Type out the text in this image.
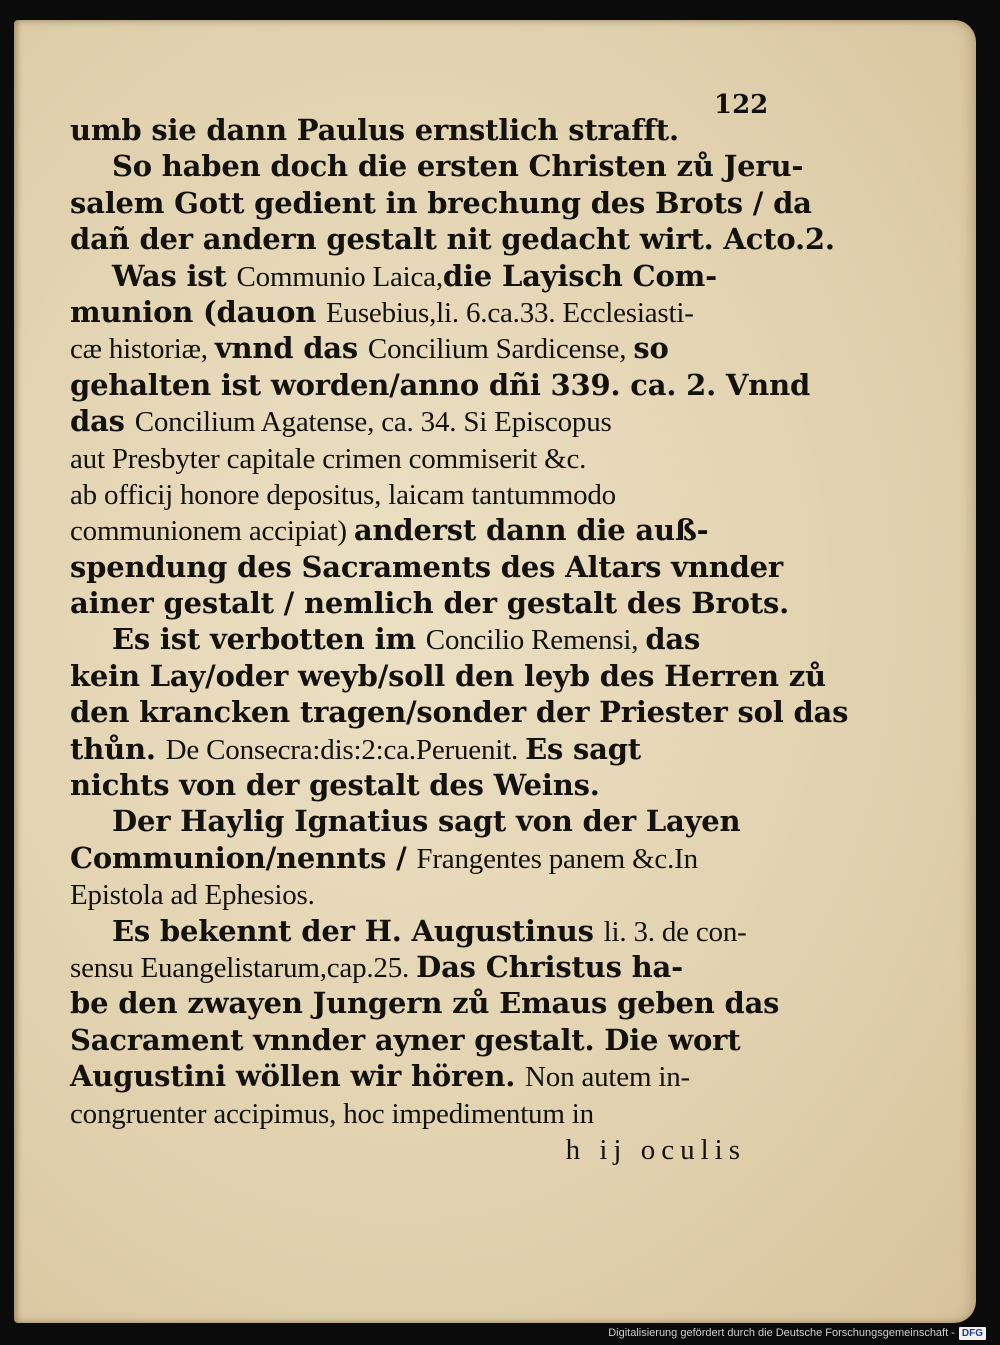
122
umb sie dann Paulus ernstlich strafft.
So haben doch die ersten Christen zů Jeru-
salem Gott gedient in brechung des Brots / da
dañ der andern gestalt nit gedacht wirt. Acto.2.
Was ist Communio Laica,die Layisch Com-
munion (dauon Eusebius,li. 6.ca.33. Ecclesiasti-
cæ historiæ, vnnd das Concilium Sardicense, so
gehalten ist worden/anno dñi 339. ca. 2. Vnnd
das Concilium Agatense, ca. 34. Si Episcopus
aut Presbyter capitale crimen commiserit &c.
ab officij honore depositus, laicam tantummodo
communionem accipiat) anderst dann die auß-
spendung des Sacraments des Altars vnnder
ainer gestalt / nemlich der gestalt des Brots.
Es ist verbotten im Concilio Remensi, das
kein Lay/oder weyb/soll den leyb des Herren zů
den krancken tragen/sonder der Priester sol das
thůn. De Consecra:dis:2:ca.Peruenit. Es sagt
nichts von der gestalt des Weins.
Der Haylig Ignatius sagt von der Layen
Communion/nennts / Frangentes panem &c.In
Epistola ad Ephesios.
Es bekennt der H. Augustinus li. 3. de con-
sensu Euangelistarum,cap.25. Das Christus ha-
be den zwayen Jungern zů Emaus geben das
Sacrament vnnder ayner gestalt. Die wort
Augustini wöllen wir hören. Non autem in-
congruenter accipimus, hoc impedimentum in
h ij oculis
Digitalisierung gefördert durch die Deutsche Forschungsgemeinschaft - DFG
